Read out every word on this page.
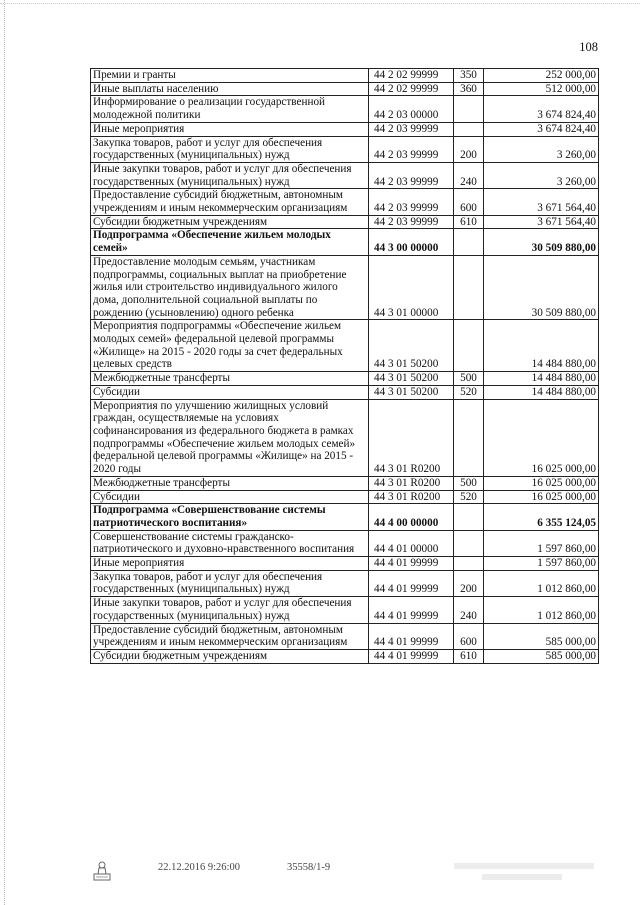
108
Премии и гранты	44 2 02 99999	350	252 000,00
Иные выплаты населению	44 2 02 99999	360	512 000,00
Информирование о реализации государственной молодежной политики	44 2 03 00000		3 674 824,40
Иные мероприятия	44 2 03 99999		3 674 824,40
Закупка товаров, работ и услуг для обеспечения государственных (муниципальных) нужд	44 2 03 99999	200	3 260,00
Иные закупки товаров, работ и услуг для обеспечения государственных (муниципальных) нужд	44 2 03 99999	240	3 260,00
Предоставление субсидий бюджетным, автономным учреждениям и иным некоммерческим организациям	44 2 03 99999	600	3 671 564,40
Субсидии бюджетным учреждениям	44 2 03 99999	610	3 671 564,40
Подпрограмма «Обеспечение жильем молодых семей»	44 3 00 00000		30 509 880,00
Предоставление молодым семьям, участникам подпрограммы, социальных выплат на приобретение жилья или строительство индивидуального жилого дома, дополнительной социальной выплаты по рождению (усыновлению) одного ребенка	44 3 01 00000		30 509 880,00
Мероприятия подпрограммы «Обеспечение жильем молодых семей» федеральной целевой программы «Жилище» на 2015 - 2020 годы за счет федеральных целевых средств	44 3 01 50200		14 484 880,00
Межбюджетные трансферты	44 3 01 50200	500	14 484 880,00
Субсидии	44 3 01 50200	520	14 484 880,00
Мероприятия по улучшению жилищных условий граждан, осуществляемые на условиях софинансирования из федерального бюджета в рамках подпрограммы «Обеспечение жильем молодых семей» федеральной целевой программы «Жилище» на 2015 - 2020 годы	44 3 01 R0200		16 025 000,00
Межбюджетные трансферты	44 3 01 R0200	500	16 025 000,00
Субсидии	44 3 01 R0200	520	16 025 000,00
Подпрограмма «Совершенствование системы патриотического воспитания»	44 4 00 00000		6 355 124,05
Совершенствование системы гражданско-патриотического и духовно-нравственного воспитания	44 4 01 00000		1 597 860,00
Иные мероприятия	44 4 01 99999		1 597 860,00
Закупка товаров, работ и услуг для обеспечения государственных (муниципальных) нужд	44 4 01 99999	200	1 012 860,00
Иные закупки товаров, работ и услуг для обеспечения государственных (муниципальных) нужд	44 4 01 99999	240	1 012 860,00
Предоставление субсидий бюджетным, автономным учреждениям и иным некоммерческим организациям	44 4 01 99999	600	585 000,00
Субсидии бюджетным учреждениям	44 4 01 99999	610	585 000,00
22.12.2016 9:26:00	35558/1-9
